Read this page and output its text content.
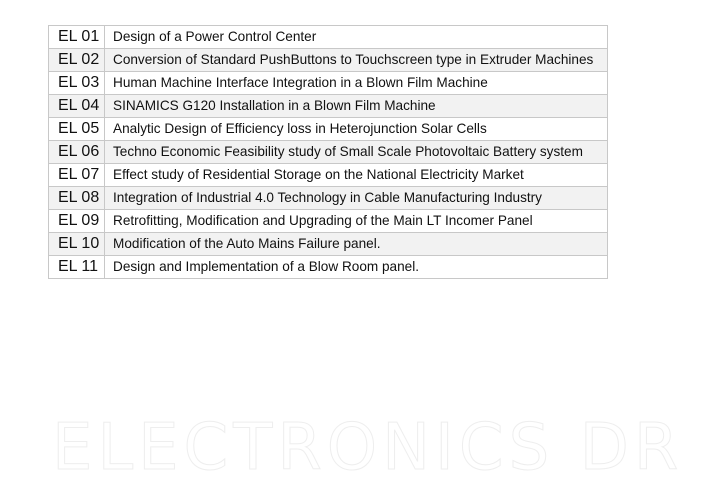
EL 01	Design of a Power Control Center
EL 02	Conversion of Standard PushButtons to Touchscreen type in Extruder Machines
EL 03	Human Machine Interface Integration in a Blown Film Machine
EL 04	SINAMICS G120 Installation in a Blown Film Machine
EL 05	Analytic Design of Efficiency loss in Heterojunction Solar Cells
EL 06	Techno Economic Feasibility study of Small Scale Photovoltaic Battery system
EL 07	Effect study of Residential Storage on the National Electricity Market
EL 08	Integration of Industrial 4.0 Technology in Cable Manufacturing Industry
EL 09	Retrofitting, Modification and Upgrading of the Main LT Incomer Panel
EL 10	Modification of the Auto Mains Failure panel.
EL 11	Design and Implementation of a Blow Room panel.
ELECTRONICS DR
